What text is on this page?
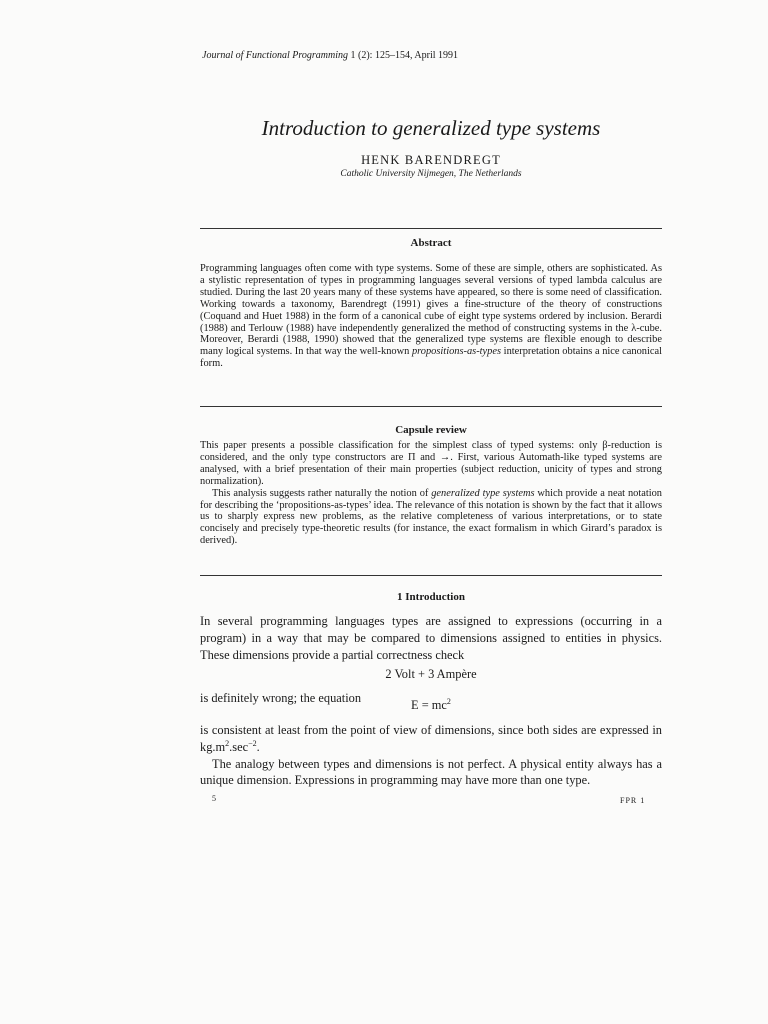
Journal of Functional Programming 1 (2): 125–154, April 1991
Introduction to generalized type systems
HENK BARENDREGT
Catholic University Nijmegen, The Netherlands
Abstract

Programming languages often come with type systems. Some of these are simple, others are sophisticated. As a stylistic representation of types in programming languages several versions of typed lambda calculus are studied. During the last 20 years many of these systems have appeared, so there is some need of classification. Working towards a taxonomy, Barendregt (1991) gives a fine-structure of the theory of constructions (Coquand and Huet 1988) in the form of a canonical cube of eight type systems ordered by inclusion. Berardi (1988) and Terlouw (1988) have independently generalized the method of constructing systems in the λ-cube. Moreover, Berardi (1988, 1990) showed that the generalized type systems are flexible enough to describe many logical systems. In that way the well-known propositions-as-types interpretation obtains a nice canonical form.

Capsule review

This paper presents a possible classification for the simplest class of typed systems: only β-reduction is considered, and the only type constructors are Π and →. First, various Automath-like typed systems are analysed, with a brief presentation of their main properties (subject reduction, unicity of types and strong normalization).

This analysis suggests rather naturally the notion of generalized type systems which provide a neat notation for describing the ‘propositions-as-types’ idea. The relevance of this notation is shown by the fact that it allows us to sharply express new problems, as the relative completeness of various interpretations, or to state concisely and precisely type-theoretic results (for instance, the exact formalism in which Girard’s paradox is derived).

1 Introduction

In several programming languages types are assigned to expressions (occurring in a program) in a way that may be compared to dimensions assigned to entities in physics. These dimensions provide a partial correctness check

2 Volt + 3 Ampère

is definitely wrong; the equation	$E = mc^2$

is consistent at least from the point of view of dimensions, since both sides are expressed in $kg.m^2.\sec^{-2}$.

The analogy between types and dimensions is not perfect. A physical entity always has a unique dimension. Expressions in programming may have more than one type.

5	FPR 1
